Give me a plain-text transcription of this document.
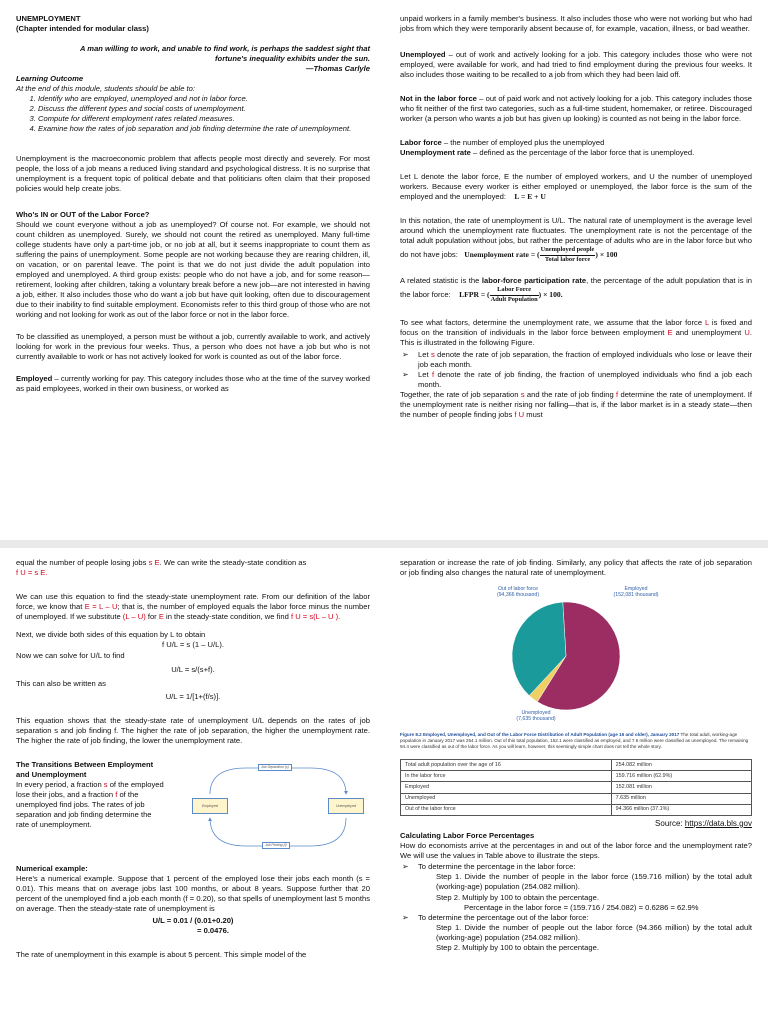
UNEMPLOYMENT
(Chapter intended for modular class)
A man willing to work, and unable to find work, is perhaps the saddest sight that
fortune's inequality exhibits under the sun.
—Thomas Carlyle
Learning Outcome
At the end of this module, students should be able to:
1. Identify who are employed, unemployed and not in labor force.
2. Discuss the different types and social costs of unemployment.
3. Compute for different employment rates related measures.
4. Examine how the rates of job separation and job finding determine the rate of unemployment.

Unemployment is the macroeconomic problem that affects people most directly and severely. For most people, the loss of a job means a reduced living standard and psychological distress. It is no surprise that unemployment is a frequent topic of political debate and that politicians often claim that their proposed policies would help create jobs.

Who's IN or OUT of the Labor Force?

Should we count everyone without a job as unemployed? Of course not. For example, we should not count children as unemployed. Surely, we should not count the retired as unemployed. Many full-time college students have only a part-time job, or no job at all, but it seems inappropriate to count them as suffering the pains of unemployment. Some people are not working because they are rearing children, ill, on vacation, or on parental leave. The point is that we do not just divide the adult population into employed and unemployed. A third group exists: people who do not have a job, and for some reason—retirement, looking after children, taking a voluntary break before a new job—are not interested in having a job, either. It also includes those who do want a job but have quit looking, often due to discouragement due to their inability to find suitable employment. Economists refer to this third group of those who are not working and not looking for work as out of the labor force or not in the labor force.

To be classified as unemployed, a person must be without a job, currently available to work, and actively looking for work in the previous four weeks. Thus, a person who does not have a job but who is not currently available to work or has not actively looked for work is counted as out of the labor force.

Employed – currently working for pay. This category includes those who at the time of the survey worked as paid employees, worked in their own business, or worked as

unpaid workers in a family member's business. It also includes those who were not working but who had jobs from which they were temporarily absent because of, for example, vacation, illness, or bad weather.

Unemployed – out of work and actively looking for a job. This category includes those who were not employed, were available for work, and had tried to find employment during the previous four weeks. It also includes those waiting to be recalled to a job from which they had been laid off.

Not in the labor force – out of paid work and not actively looking for a job. This category includes those who fit neither of the first two categories, such as a full-time student, homemaker, or retiree. Discouraged worker (a person who wants a job but has given up looking) is counted as not being in the labor force.

Labor force – the number of employed plus the unemployed
Unemployment rate – defined as the percentage of the labor force that is unemployed.

Let L denote the labor force, E the number of employed workers, and U the number of unemployed workers. Because every worker is either employed or unemployed, the labor force is the sum of the employed and the unemployed: L = E + U

In this notation, the rate of unemployment is U/L. The natural rate of unemployment is the average level around which the unemployment rate fluctuates. The unemployment rate is not the percentage of the total adult population without jobs, but rather the percentage of adults who are in the labor force but who do not have jobs: Unemployment rate = ( $\frac{\text{Unemployed people}}{\text{Total labor force}}$ ) × 100

A related statistic is the labor-force participation rate, the percentage of the adult population that is in the labor force: LFPR = ( $\frac{\text{Labor Force}}{\text{Adult Population}}$ ) × 100.

To see what factors, determine the unemployment rate, we assume that the labor force L is fixed and focus on the transition of individuals in the labor force between employment E and unemployment U. This is illustrated in the following Figure.

➢ Let s denote the rate of job separation, the fraction of employed individuals who lose or leave their job each month.
➢ Let f denote the rate of job finding, the fraction of unemployed individuals who find a job each month.

Together, the rate of job separation s and the rate of job finding f determine the rate of unemployment. If the unemployment rate is neither rising nor falling—that is, if the labor market is in a steady state—then the number of people finding jobs f U must

equal the number of people losing jobs s E. We can write the steady-state condition as
f U = s E.

We can use this equation to find the steady-state unemployment rate. From our definition of the labor force, we know that E = L – U; that is, the number of employed equals the labor force minus the number of unemployed. If we substitute (L – U) for E in the steady-state condition, we find f U = s(L – U ).

Next, we divide both sides of this equation by L to obtain
f U/L = s (1 – U/L).
Now we can solve for U/L to find
U/L = s/(s+f).
This can also be written as
U/L = 1/[1+(f/s)].

This equation shows that the steady-state rate of unemployment U/L depends on the rates of job separation s and job finding f. The higher the rate of job separation, the higher the unemployment rate. The higher the rate of job finding, the lower the unemployment rate.

The Transitions Between Employment and Unemployment

In every period, a fraction s of the employed lose their jobs, and a fraction f of the unemployed find jobs. The rates of job separation and job finding determine the rate of unemployment.

Job Separation (s)
Employed	Unemployed
Job Finding (f)
Numerical example:

Here's a numerical example. Suppose that 1 percent of the employed lose their jobs each month (s = 0.01). This means that on average jobs last 100 months, or about 8 years. Suppose further that 20 percent of the unemployed find a job each month (f = 0.20), so that spells of unemployment last 5 months on average. Then the steady-state rate of unemployment is

U/L = 0.01 / (0.01+0.20)
= 0.0476.

The rate of unemployment in this example is about 5 percent. This simple model of the

separation or increase the rate of job finding. Similarly, any policy that affects the rate of job separation or job finding also changes the natural rate of unemployment.

Out of labor force
(94,366 thousand)
Employed
(152,081 thousand)
Unemployed
(7,635 thousand)
Figure 8.2 Employed, Unemployed, and Out of the Labor Force Distribution of Adult Population (age 16 and older), January 2017 The total adult, working-age population in January 2017 was 254.1 million. Out of this total population, 152.1 were classified as employed, and 7.6 million were classified as unemployed. The remaining 94.4 were classified as out of the labor force. As you will learn, however, this seemingly simple chart does not tell the whole story.
Total adult population over the age of 16	254.082 million
In the labor force	159.716 million (62.9%)
Employed	152.081 million
Unemployed	7.635 million
Out of the labor force	94.366 million (37.1%)
Source: https://data.bls.gov
Calculating Labor Force Percentages

How do economists arrive at the percentages in and out of the labor force and the unemployment rate? We will use the values in Table above to illustrate the steps.

➢ To determine the percentage in the labor force:
Step 1. Divide the number of people in the labor force (159.716 million) by the total adult (working-age) population (254.082 million).
Step 2. Multiply by 100 to obtain the percentage.
Percentage in the labor force = (159.716 / 254.082) = 0.6286 = 62.9%
➢ To determine the percentage out of the labor force:
Step 1. Divide the number of people out the labor force (94.366 million) by the total adult (working-age) population (254.082 million).
Step 2. Multiply by 100 to obtain the percentage.
